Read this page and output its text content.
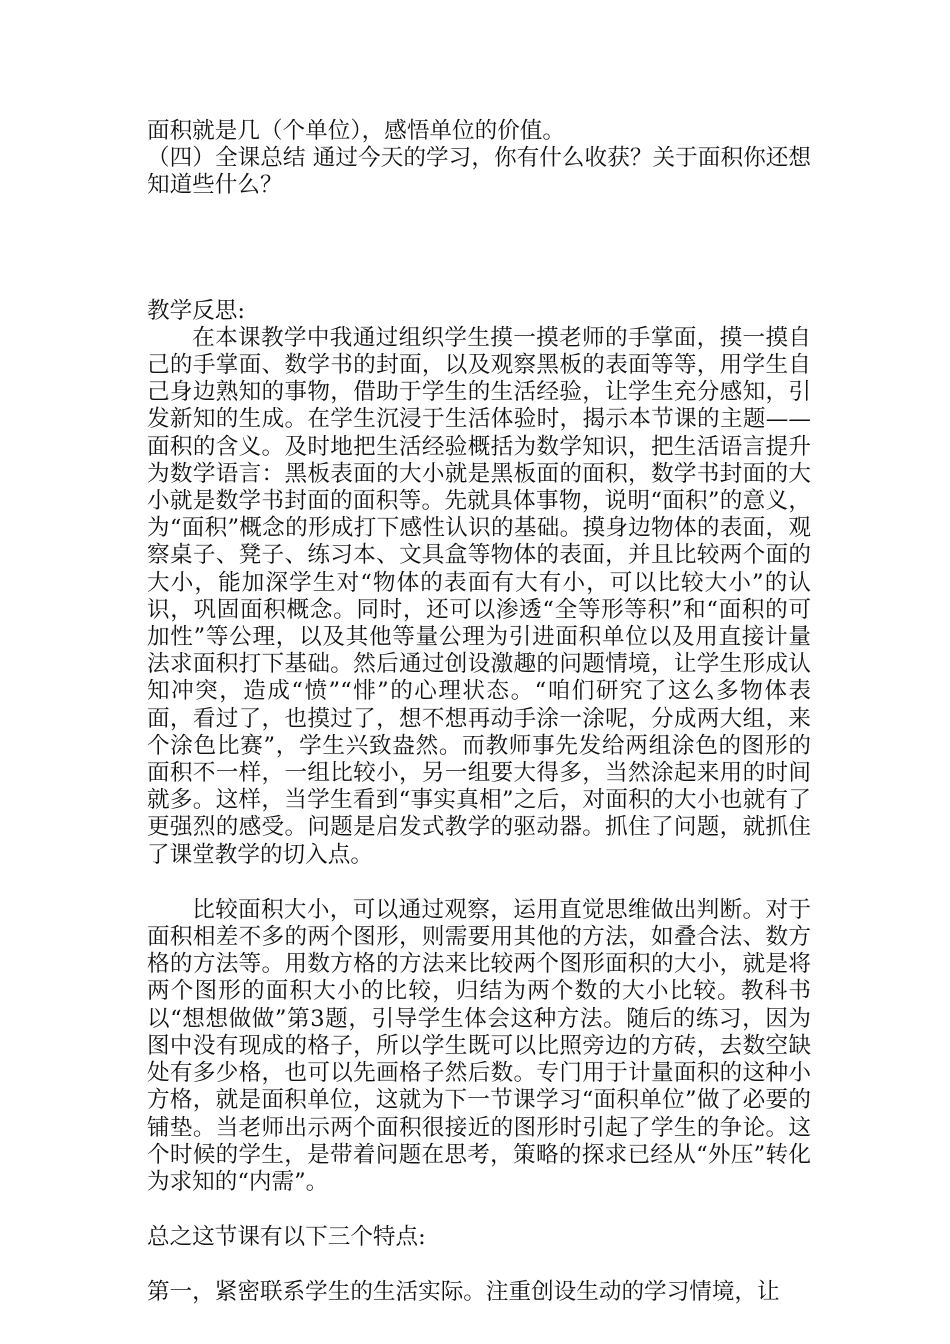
面积就是几（个单位），感悟单位的价值。

（四）全课总结 通过今天的学习，你有什么收获？关于面积你还想知道些什么？

教学反思:

在本课教学中我通过组织学生摸一摸老师的手掌面，摸一摸自己的手掌面、数学书的封面，以及观察黑板的表面等等，用学生自己身边熟知的事物，借助于学生的生活经验，让学生充分感知，引发新知的生成。在学生沉浸于生活体验时，揭示本节课的主题——面积的含义。及时地把生活经验概括为数学知识，把生活语言提升为数学语言：黑板表面的大小就是黑板面的面积，数学书封面的大小就是数学书封面的面积等。先就具体事物，说明“面积”的意义，为“面积”概念的形成打下感性认识的基础。摸身边物体的表面，观察桌子、凳子、练习本、文具盒等物体的表面，并且比较两个面的大小，能加深学生对“物体的表面有大有小，可以比较大小”的认识，巩固面积概念。同时，还可以渗透“全等形等积”和“面积的可加性”等公理，以及其他等量公理为引进面积单位以及用直接计量法求面积打下基础。然后通过创设激趣的问题情境，让学生形成认知冲突，造成“愤”“悱”的心理状态。“咱们研究了这么多物体表面，看过了，也摸过了，想不想再动手涂一涂呢，分成两大组，来个涂色比赛”，学生兴致盎然。而教师事先发给两组涂色的图形的面积不一样，一组比较小，另一组要大得多，当然涂起来用的时间就多。这样，当学生看到“事实真相”之后，对面积的大小也就有了更强烈的感受。问题是启发式教学的驱动器。抓住了问题，就抓住了课堂教学的切入点。

比较面积大小，可以通过观察，运用直觉思维做出判断。对于面积相差不多的两个图形，则需要用其他的方法，如叠合法、数方格的方法等。用数方格的方法来比较两个图形面积的大小，就是将两个图形的面积大小的比较，归结为两个数的大小比较。教科书以“想想做做”第3题，引导学生体会这种方法。随后的练习，因为图中没有现成的格子，所以学生既可以比照旁边的方砖，去数空缺处有多少格，也可以先画格子然后数。专门用于计量面积的这种小方格，就是面积单位，这就为下一节课学习“面积单位”做了必要的铺垫。当老师出示两个面积很接近的图形时引起了学生的争论。这个时候的学生，是带着问题在思考，策略的探求已经从“外压”转化为求知的“内需”。

总之这节课有以下三个特点:

第一，紧密联系学生的生活实际。注重创设生动的学习情境，让
